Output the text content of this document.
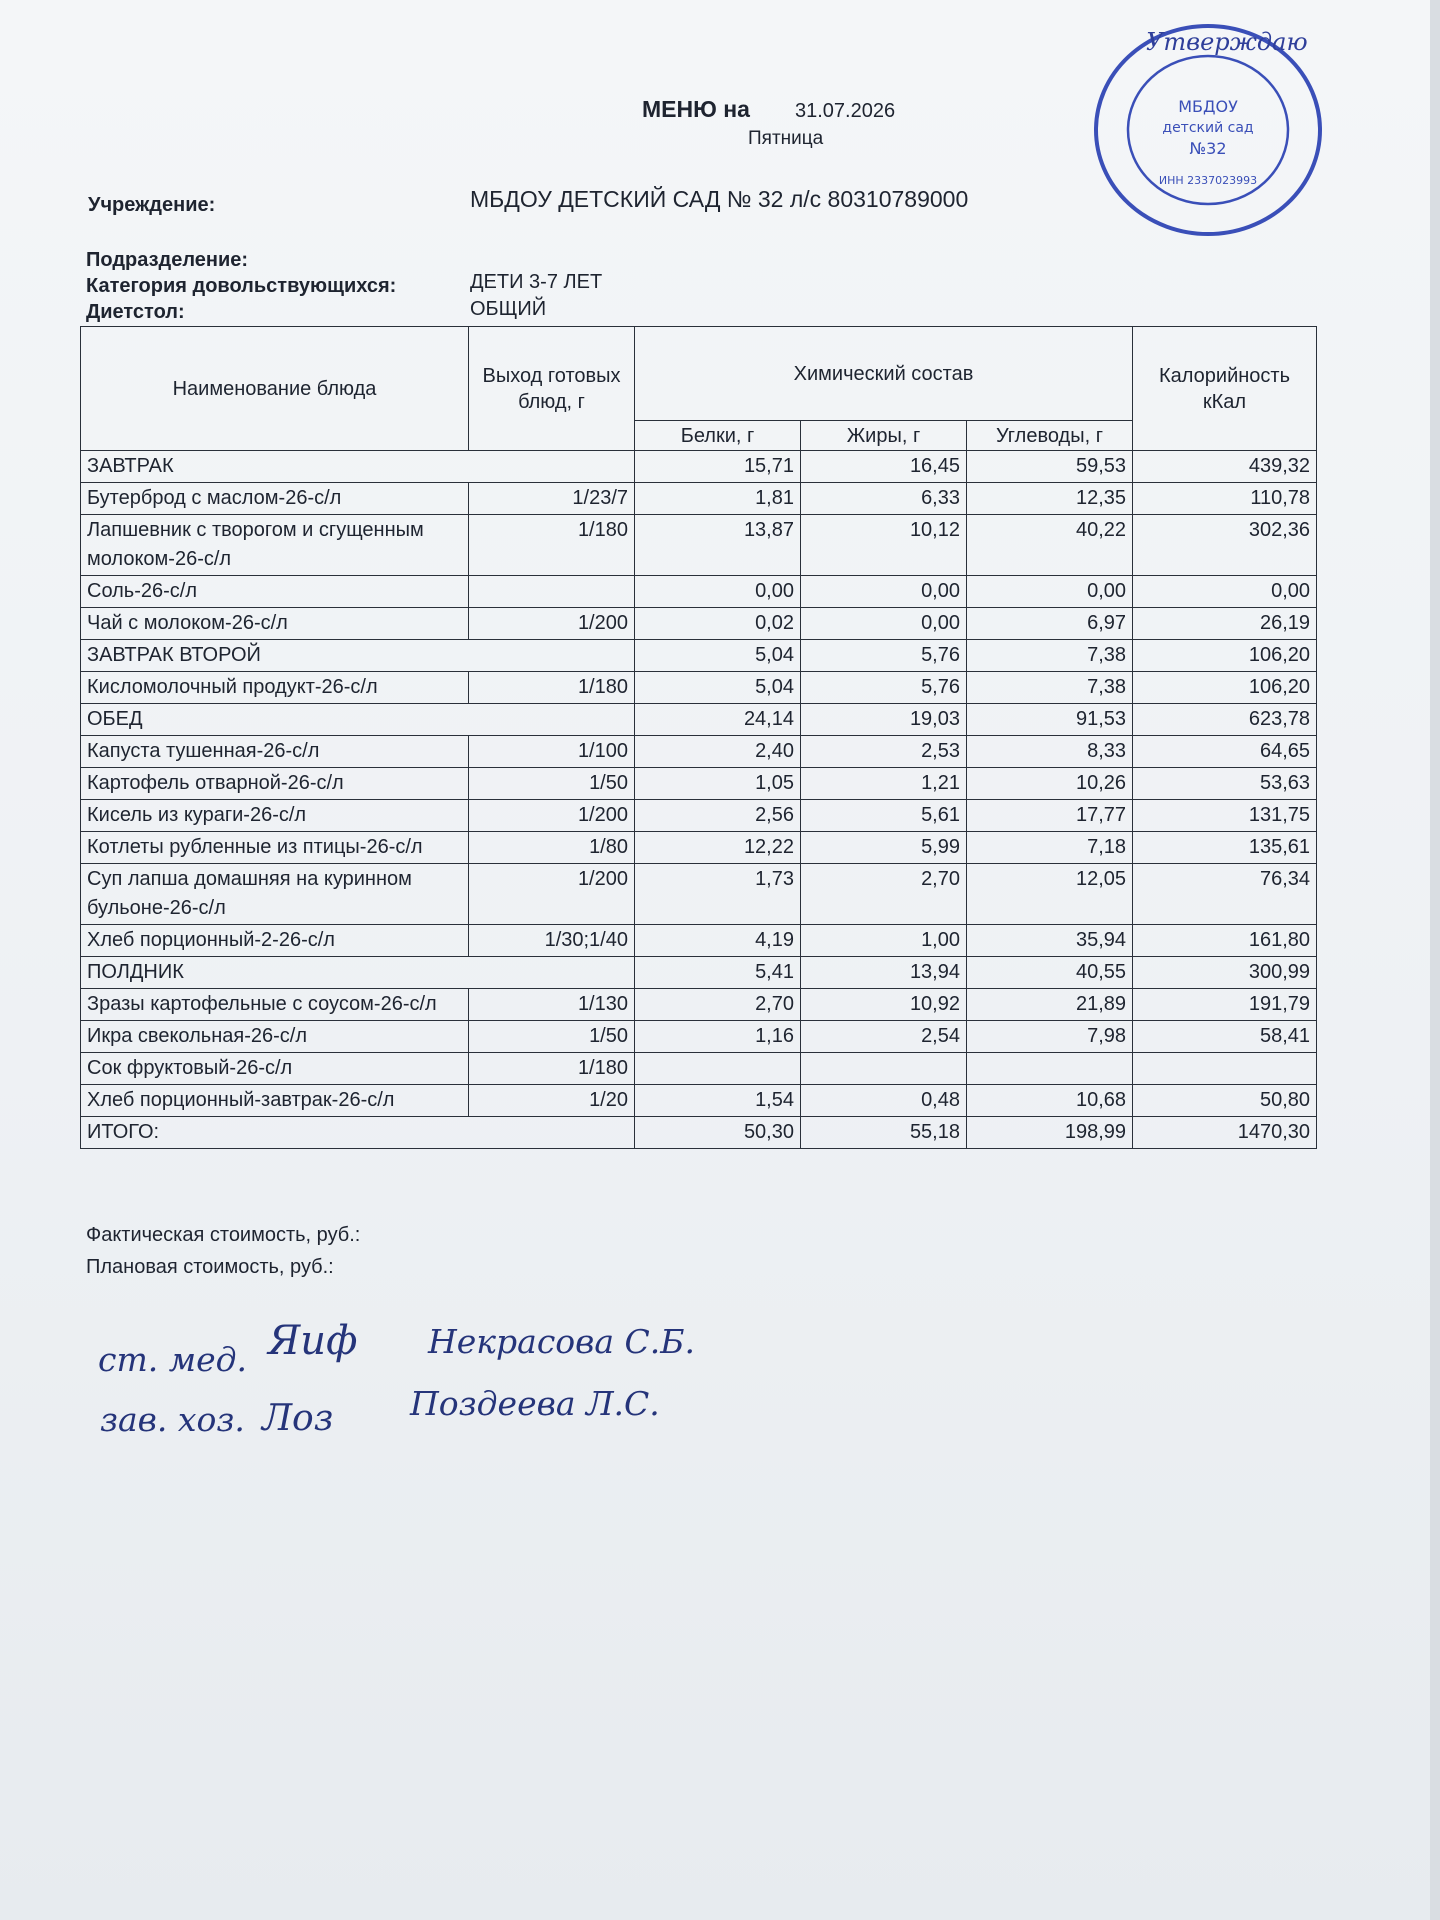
МЕНЮ на 31.07.2026
Пятница
Учреждение:	МБДОУ ДЕТСКИЙ САД № 32 л/с 80310789000
Подразделение:
Категория довольствующихся:	ДЕТИ 3-7 ЛЕТ
Диетстол:	ОБЩИЙ
МБДОУ
детский сад
№32
ИНН 2337023993
Утверждаю
Наименование блюда	Выход готовых блюд, г	Химический состав			Калорийность кКал
		Белки, г	Жиры, г	Углеводы, г	
ЗАВТРАК		15,71	16,45	59,53	439,32
Бутерброд с маслом-26-с/л	1/23/7	1,81	6,33	12,35	110,78
Лапшевник с творогом и сгущенным молоком-26-с/л	1/180	13,87	10,12	40,22	302,36
Соль-26-с/л		0,00	0,00	0,00	0,00
Чай с молоком-26-с/л	1/200	0,02	0,00	6,97	26,19
ЗАВТРАК ВТОРОЙ		5,04	5,76	7,38	106,20
Кисломолочный продукт-26-с/л	1/180	5,04	5,76	7,38	106,20
ОБЕД		24,14	19,03	91,53	623,78
Капуста тушенная-26-с/л	1/100	2,40	2,53	8,33	64,65
Картофель отварной-26-с/л	1/50	1,05	1,21	10,26	53,63
Кисель из кураги-26-с/л	1/200	2,56	5,61	17,77	131,75
Котлеты рубленные из птицы-26-с/л	1/80	12,22	5,99	7,18	135,61
Суп лапша домашняя на куринном бульоне-26-с/л	1/200	1,73	2,70	12,05	76,34
Хлеб порционный-2-26-с/л	1/30;1/40	4,19	1,00	35,94	161,80
ПОЛДНИК		5,41	13,94	40,55	300,99
Зразы картофельные с соусом-26-с/л	1/130	2,70	10,92	21,89	191,79
Икра свекольная-26-с/л	1/50	1,16	2,54	7,98	58,41
Сок фруктовый-26-с/л	1/180				
Хлеб порционный-завтрак-26-с/л	1/20	1,54	0,48	10,68	50,80
ИТОГО:		50,30	55,18	198,99	1470,30
Фактическая стоимость, руб.:
Плановая стоимость, руб.:
ст. мед. Яиф Некрасова С.Б.
зав. хоз. Лоз Поздеева Л.С.
